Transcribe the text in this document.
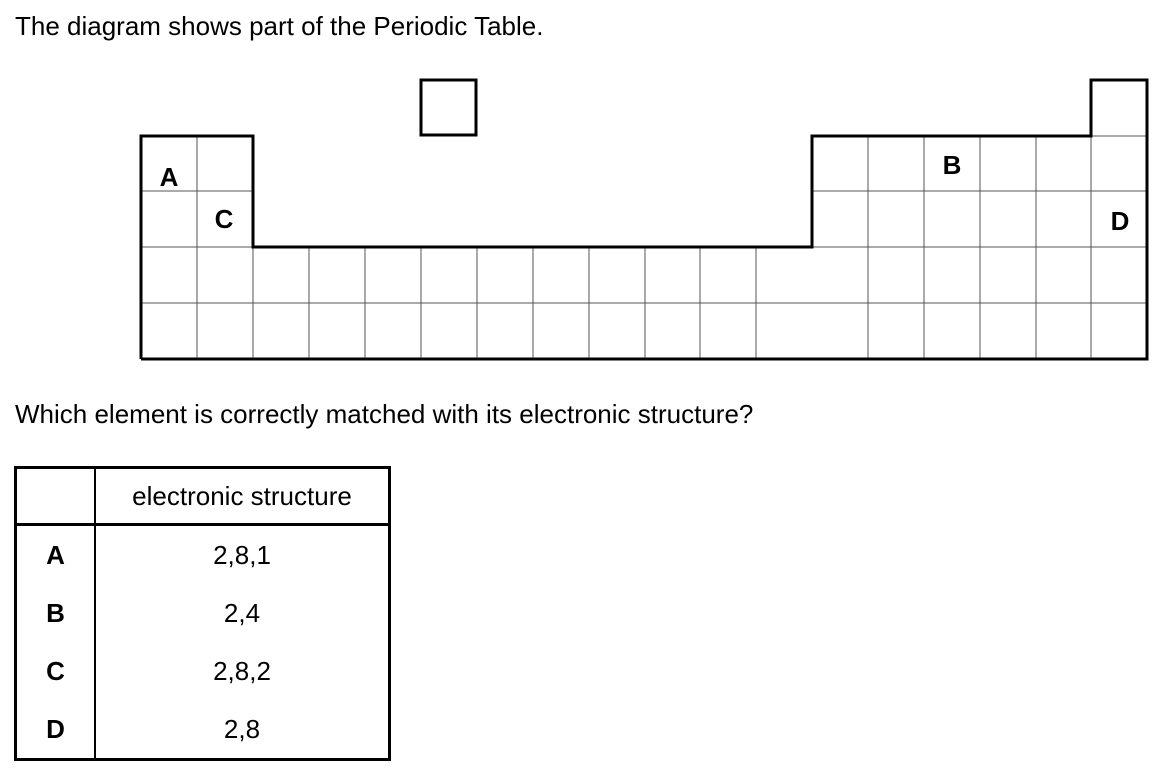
The diagram shows part of the Periodic Table.
A
C
B
D
Which element is correctly matched with its electronic structure?
	electronic structure
A	2,8,1
B	2,4
C	2,8,2
D	2,8
